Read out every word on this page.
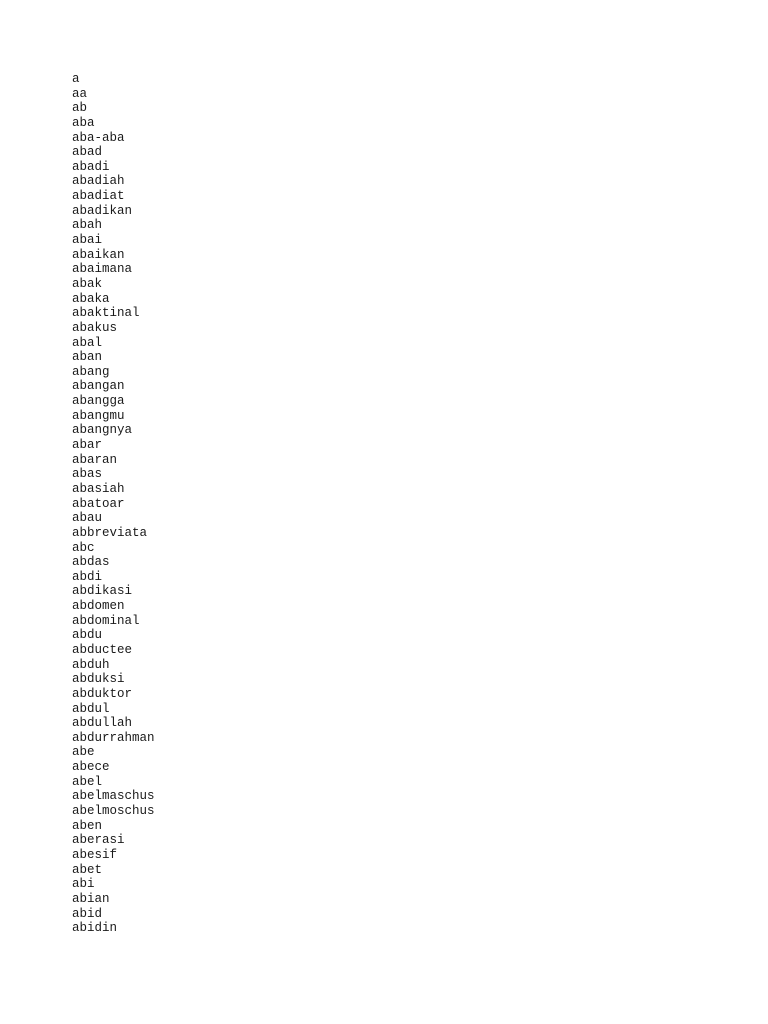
a
aa
ab
aba
aba-aba
abad
abadi
abadiah
abadiat
abadikan
abah
abai
abaikan
abaimana
abak
abaka
abaktinal
abakus
abal
aban
abang
abangan
abangga
abangmu
abangnya
abar
abaran
abas
abasiah
abatoar
abau
abbreviata
abc
abdas
abdi
abdikasi
abdomen
abdominal
abdu
abductee
abduh
abduksi
abduktor
abdul
abdullah
abdurrahman
abe
abece
abel
abelmaschus
abelmoschus
aben
aberasi
abesif
abet
abi
abian
abid
abidin
